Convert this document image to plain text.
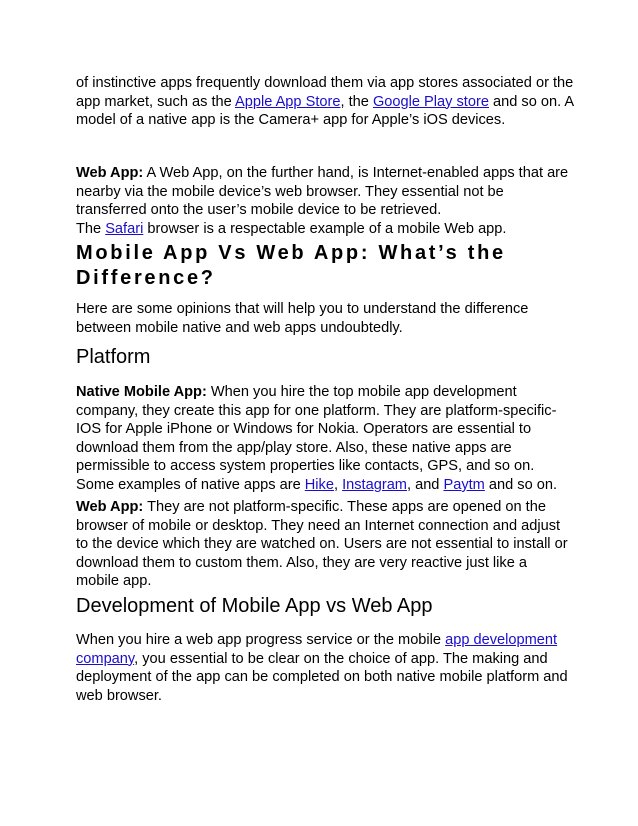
of instinctive apps frequently download them via app stores associated or the app market, such as the Apple App Store, the Google Play store and so on. A model of a native app is the Camera+ app for Apple’s iOS devices.

Web App: A Web App, on the further hand, is Internet-enabled apps that are nearby via the mobile device’s web browser. They essential not be transferred onto the user’s mobile device to be retrieved.
The Safari browser is a respectable example of a mobile Web app.

Mobile App Vs Web App: What’s the Difference?

Here are some opinions that will help you to understand the difference between mobile native and web apps undoubtedly.

Platform

Native Mobile App: When you hire the top mobile app development company, they create this app for one platform. They are platform-specific- IOS for Apple iPhone or Windows for Nokia. Operators are essential to download them from the app/play store. Also, these native apps are permissible to access system properties like contacts, GPS, and so on. Some examples of native apps are Hike, Instagram, and Paytm and so on.

Web App: They are not platform-specific. These apps are opened on the browser of mobile or desktop. They need an Internet connection and adjust to the device which they are watched on. Users are not essential to install or download them to custom them. Also, they are very reactive just like a mobile app.

Development of Mobile App vs Web App

When you hire a web app progress service or the mobile app development company, you essential to be clear on the choice of app. The making and deployment of the app can be completed on both native mobile platform and web browser.
